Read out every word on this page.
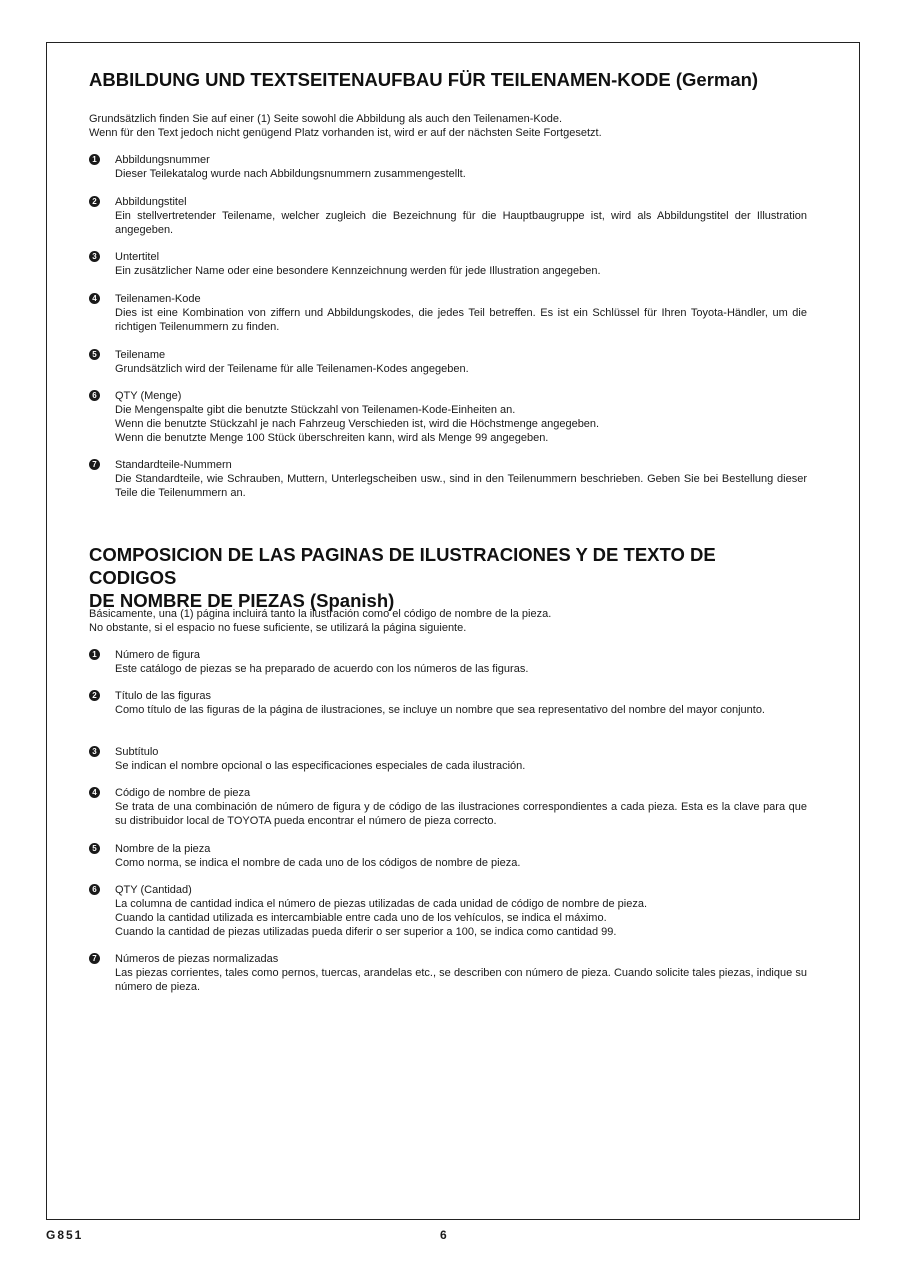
ABBILDUNG UND TEXTSEITENAUFBAU FÜR TEILENAMEN-KODE (German)

Grundsätzlich finden Sie auf einer (1) Seite sowohl die Abbildung als auch den Teilenamen-Kode.

Wenn für den Text jedoch nicht genügend Platz vorhanden ist, wird er auf der nächsten Seite Fortgesetzt.

1 Abbildungsnummer
Dieser Teilekatalog wurde nach Abbildungsnummern zusammengestellt.
2 Abbildungstitel
Ein stellvertretender Teilename, welcher zugleich die Bezeichnung für die Hauptbaugruppe ist, wird als Abbildungstitel der Illustration angegeben.
3 Untertitel
Ein zusätzlicher Name oder eine besondere Kennzeichnung werden für jede Illustration angegeben.
4 Teilenamen-Kode
Dies ist eine Kombination von ziffern und Abbildungskodes, die jedes Teil betreffen. Es ist ein Schlüssel für Ihren Toyota-Händler, um die richtigen Teilenummern zu finden.
5 Teilename
Grundsätzlich wird der Teilename für alle Teilenamen-Kodes angegeben.
6 QTY (Menge)
Die Mengenspalte gibt die benutzte Stückzahl von Teilenamen-Kode-Einheiten an.
Wenn die benutzte Stückzahl je nach Fahrzeug Verschieden ist, wird die Höchstmenge angegeben.
Wenn die benutzte Menge 100 Stück überschreiten kann, wird als Menge 99 angegeben.
7 Standardteile-Nummern
Die Standardteile, wie Schrauben, Muttern, Unterlegscheiben usw., sind in den Teilenummern beschrieben. Geben Sie bei Bestellung dieser Teile die Teilenummern an.
COMPOSICION DE LAS PAGINAS DE ILUSTRACIONES Y DE TEXTO DE CODIGOS
DE NOMBRE DE PIEZAS (Spanish)

Básicamente, una (1) página incluirá tanto la ilustración como el código de nombre de la pieza.

No obstante, si el espacio no fuese suficiente, se utilizará la página siguiente.

1 Número de figura
Este catálogo de piezas se ha preparado de acuerdo con los números de las figuras.
2 Título de las figuras
Como título de las figuras de la página de ilustraciones, se incluye un nombre que sea representativo del nombre del mayor conjunto.
3 Subtítulo
Se indican el nombre opcional o las especificaciones especiales de cada ilustración.
4 Código de nombre de pieza
Se trata de una combinación de número de figura y de código de las ilustraciones correspondientes a cada pieza. Esta es la clave para que su distribuidor local de TOYOTA pueda encontrar el número de pieza correcto.
5 Nombre de la pieza
Como norma, se indica el nombre de cada uno de los códigos de nombre de pieza.
6 QTY (Cantidad)
La columna de cantidad indica el número de piezas utilizadas de cada unidad de código de nombre de pieza.
Cuando la cantidad utilizada es intercambiable entre cada uno de los vehículos, se indica el máximo.
Cuando la cantidad de piezas utilizadas pueda diferir o ser superior a 100, se indica como cantidad 99.
7 Números de piezas normalizadas
Las piezas corrientes, tales como pernos, tuercas, arandelas etc., se describen con número de pieza. Cuando solicite tales piezas, indique su número de pieza.
G851	6
